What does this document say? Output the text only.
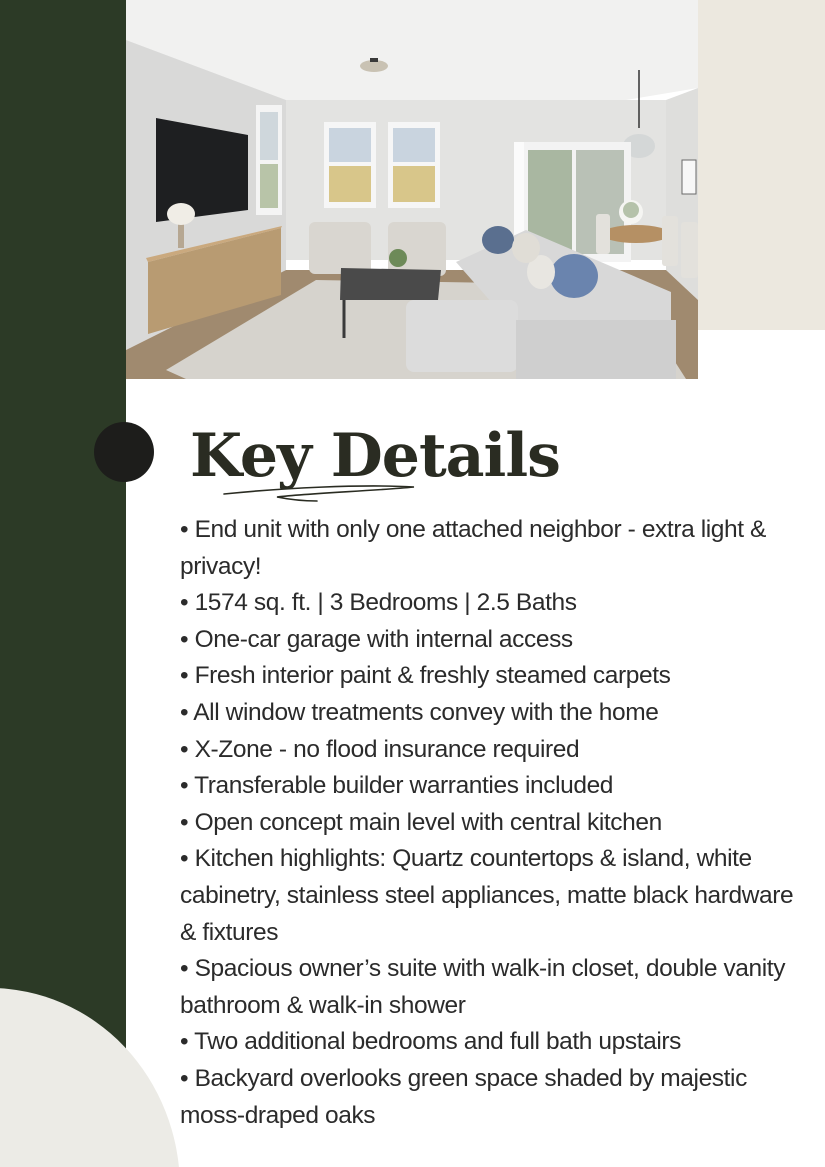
Key Details
• End unit with only one attached neighbor - extra light & privacy!
• 1574 sq. ft. | 3 Bedrooms | 2.5 Baths
• One-car garage with internal access
• Fresh interior paint & freshly steamed carpets
• All window treatments convey with the home
• X-Zone - no flood insurance required
• Transferable builder warranties included
• Open concept main level with central kitchen
• Kitchen highlights: Quartz countertops & island, white cabinetry, stainless steel appliances, matte black hardware & fixtures
• Spacious owner’s suite with walk-in closet, double vanity bathroom & walk-in shower
• Two additional bedrooms and full bath upstairs
• Backyard overlooks green space shaded by majestic moss-draped oaks
